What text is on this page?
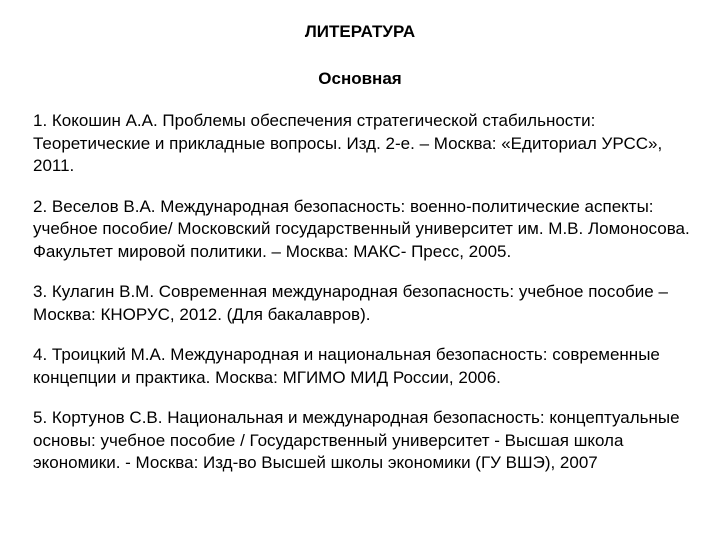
ЛИТЕРАТУРА
Основная

1. Кокошин А.А. Проблемы обеспечения стратегической стабильности: Теоретические и прикладные вопросы. Изд. 2-е. – Москва: «Едиториал УРСС», 2011.

2. Веселов В.А. Международная безопасность: военно-политические аспекты: учебное пособие/ Московский государственный университет им. М.В. Ломоносова. Факультет мировой политики. – Москва: МАКС- Пресс, 2005.

3. Кулагин В.М. Современная международная безопасность: учебное пособие – Москва: КНОРУС, 2012. (Для бакалавров).

4. Троицкий М.А. Международная и национальная безопасность: современные концепции и практика. Москва: МГИМО МИД России, 2006.

5. Кортунов С.В. Национальная и международная безопасность: концептуальные основы: учебное пособие / Государственный университет - Высшая школа экономики. - Москва: Изд-во Высшей школы экономики (ГУ ВШЭ), 2007
